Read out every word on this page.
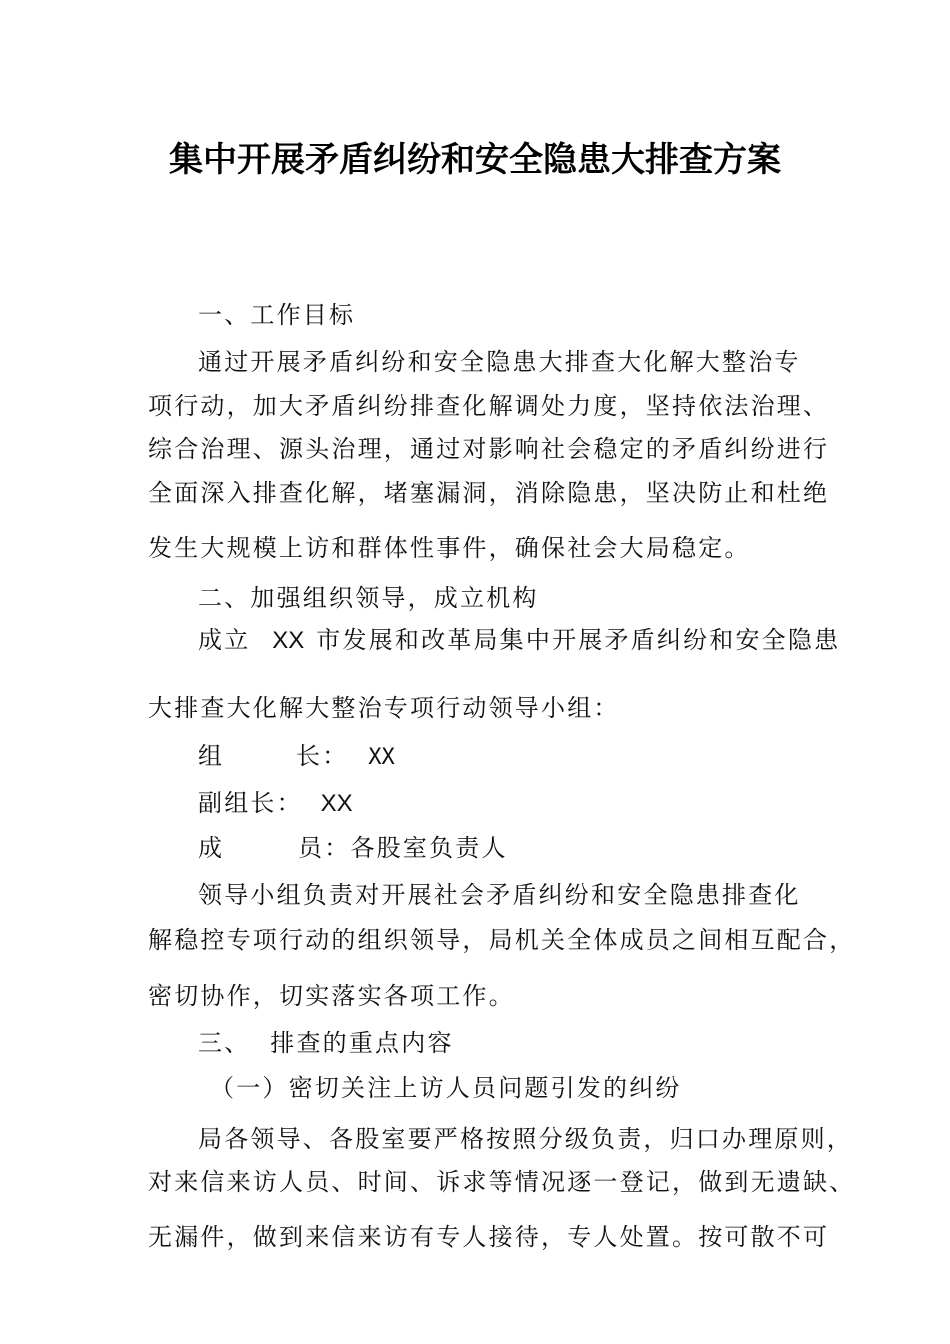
集中开展矛盾纠纷和安全隐患大排查方案
一、工作目标
通过开展矛盾纠纷和安全隐患大排查大化解大整治专
项行动，加大矛盾纠纷排查化解调处力度，坚持依法治理、
综合治理、源头治理，通过对影响社会稳定的矛盾纠纷进行
全面深入排查化解，堵塞漏洞，消除隐患，坚决防止和杜绝
发生大规模上访和群体性事件，确保社会大局稳定。
二、加强组织领导，成立机构
成立 XX 市发展和改革局集中开展矛盾纠纷和安全隐患
大排查大化解大整治专项行动领导小组：
组	长： XX
副组长： XX
成	员：各股室负责人
领导小组负责对开展社会矛盾纠纷和安全隐患排查化
解稳控专项行动的组织领导，局机关全体成员之间相互配合，
密切协作，切实落实各项工作。
三、 排查的重点内容
（一）密切关注上访人员问题引发的纠纷
局各领导、各股室要严格按照分级负责，归口办理原则，
对来信来访人员、时间、诉求等情况逐一登记，做到无遗缺、
无漏件，做到来信来访有专人接待，专人处置。按可散不可
